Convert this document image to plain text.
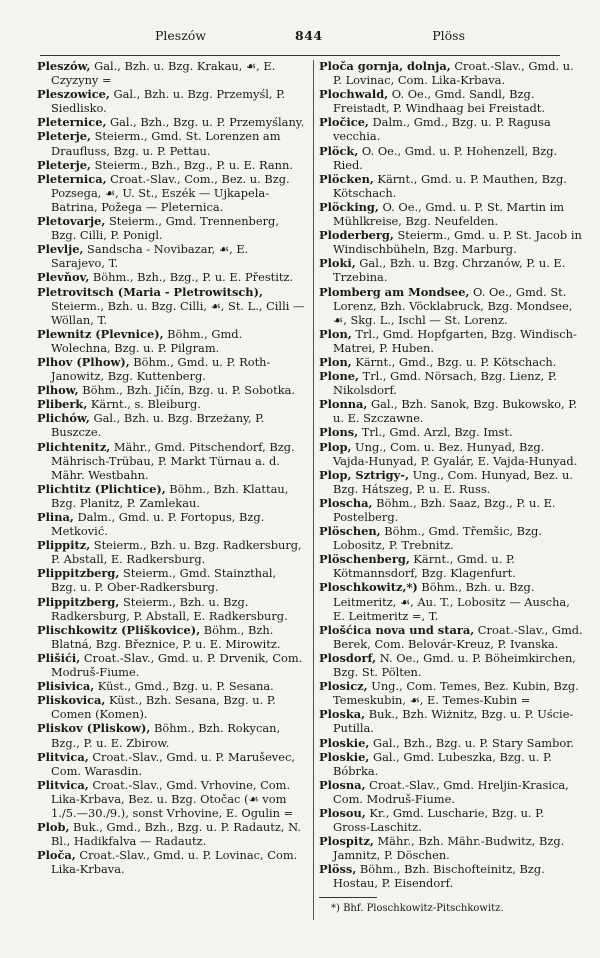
Pleszów	844	Plöss

Pleszów, Gal., Bzh. u. Bzg. Krakau, ☙, E. Czyzyny =

Pleszowice, Gal., Bzh. u. Bzg. Przemyśl, P. Siedlisko.

Pleternice, Gal., Bzh., Bzg. u. P. Przemyślany.

Pleterje, Steierm., Gmd. St. Lorenzen am Draufluss, Bzg. u. P. Pettau.

Pleterje, Steierm., Bzh., Bzg., P. u. E. Rann.

Pleternica, Croat.-Slav., Com., Bez. u. Bzg. Pozsega, ☙, U. St., Eszék — Ujkapela-Batrina, Požega — Pleternica.

Pletovarje, Steierm., Gmd. Trennenberg, Bzg. Cilli, P. Ponigl.

Plevlje, Sandscha - Novibazar, ☙, E. Sarajevo, T.

Plevňov, Böhm., Bzh., Bzg., P. u. E. Přestitz.

Pletrovitsch (Maria - Pletrowitsch), Steierm., Bzh. u. Bzg. Cilli, ☙, St. L., Cilli — Wöllan, T.

Plewnitz (Plevnice), Böhm., Gmd. Wolechna, Bzg. u. P. Pilgram.

Plhov (Plhow), Böhm., Gmd. u. P. Roth-Janowitz, Bzg. Kuttenberg.

Plhow, Böhm., Bzh. Jičín, Bzg. u. P. Sobotka.

Pliberk, Kärnt., s. Bleiburg.

Plichów, Gal., Bzh. u. Bzg. Brzeżany, P. Buszcze.

Plichtenitz, Mähr., Gmd. Pitschendorf, Bzg. Mährisch-Trübau, P. Markt Türnau a. d. Mähr. Westbahn.

Plichtitz (Plichtice), Böhm., Bzh. Klattau, Bzg. Planitz, P. Zamlekau.

Plina, Dalm., Gmd. u. P. Fortopus, Bzg. Metković.

Plippitz, Steierm., Bzh. u. Bzg. Radkersburg, P. Abstall, E. Radkersburg.

Plippitzberg, Steierm., Gmd. Stainzthal, Bzg. u. P. Ober-Radkersburg.

Plippitzberg, Steierm., Bzh. u. Bzg. Radkersburg, P. Abstall, E. Radkersburg.

Plischkowitz (Pliškovice), Böhm., Bzh. Blatná, Bzg. Březnice, P. u. E. Mirowitz.

Plišići, Croat.-Slav., Gmd. u. P. Drvenik, Com. Modruš-Fiume.

Plisivica, Küst., Gmd., Bzg. u. P. Sesana.

Pliskovica, Küst., Bzh. Sesana, Bzg. u. P. Comen (Komen).

Pliskov (Pliskow), Böhm., Bzh. Rokycan, Bzg., P. u. E. Zbirow.

Plitvica, Croat.-Slav., Gmd. u. P. Maruševec, Com. Warasdin.

Plitvica, Croat.-Slav., Gmd. Vrhovine, Com. Lika-Krbava, Bez. u. Bzg. Otočac (☙ vom 1./5.—30./9.), sonst Vrhovine, E. Ogulin =

Plob, Buk., Gmd., Bzh., Bzg. u. P. Radautz, N. Bl., Hadikfalva — Radautz.

Ploča, Croat.-Slav., Gmd. u. P. Lovinac, Com. Lika-Krbava.

Ploča gornja, dolnja, Croat.-Slav., Gmd. u. P. Lovinac, Com. Lika-Krbava.

Plochwald, O. Oe., Gmd. Sandl, Bzg. Freistadt, P. Windhaag bei Freistadt.

Pločice, Dalm., Gmd., Bzg. u. P. Ragusa vecchia.

Plöck, O. Oe., Gmd. u. P. Hohenzell, Bzg. Ried.

Plöcken, Kärnt., Gmd. u. P. Mauthen, Bzg. Kötschach.

Plöcking, O. Oe., Gmd. u. P. St. Martin im Mühlkreise, Bzg. Neufelden.

Ploderberg, Steierm., Gmd. u. P. St. Jacob in Windischbüheln, Bzg. Marburg.

Ploki, Gal., Bzh. u. Bzg. Chrzanów, P. u. E. Trzebina.

Plomberg am Mondsee, O. Oe., Gmd. St. Lorenz, Bzh. Vöcklabruck, Bzg. Mondsee, ☙, Skg. L., Ischl — St. Lorenz.

Plon, Trl., Gmd. Hopfgarten, Bzg. Windisch-Matrei, P. Huben.

Plon, Kärnt., Gmd., Bzg. u. P. Kötschach.

Plone, Trl., Gmd. Nörsach, Bzg. Lienz, P. Nikolsdorf.

Plonna, Gal., Bzh. Sanok, Bzg. Bukowsko, P. u. E. Szczawne.

Plons, Trl., Gmd. Arzl, Bzg. Imst.

Plop, Ung., Com. u. Bez. Hunyad, Bzg. Vajda-Hunyad, P. Gyalár, E. Vajda-Hunyad.

Plop, Sztrigy-, Ung., Com. Hunyad, Bez. u. Bzg. Hátszeg, P. u. E. Russ.

Ploscha, Böhm., Bzh. Saaz, Bzg., P. u. E. Postelberg.

Plöschen, Böhm., Gmd. Třemšic, Bzg. Lobositz, P. Trebnitz.

Plöschenberg, Kärnt., Gmd. u. P. Kötmannsdorf, Bzg. Klagenfurt.

Ploschkowitz,*) Böhm., Bzh. u. Bzg. Leitmeritz, ☙, Au. T., Lobositz — Auscha, E. Leitmeritz =, T.

Plošćica nova und stara, Croat.-Slav., Gmd. Berek, Com. Belovár-Kreuz, P. Ivanska.

Plosdorf, N. Oe., Gmd. u. P. Böheimkirchen, Bzg. St. Pölten.

Plosicz, Ung., Com. Temes, Bez. Kubin, Bzg. Temeskubin, ☙, E. Temes-Kubin =

Ploska, Buk., Bzh. Wiżnitz, Bzg. u. P. Uście-Putilla.

Ploskie, Gal., Bzh., Bzg. u. P. Stary Sambor.

Ploskie, Gal., Gmd. Lubeszka, Bzg. u. P. Bóbrka.

Plosna, Croat.-Slav., Gmd. Hreljin-Krasica, Com. Modruš-Fiume.

Plosou, Kr., Gmd. Luscharie, Bzg. u. P. Gross-Laschitz.

Plospitz, Mähr., Bzh. Mähr.-Budwitz, Bzg. Jamnitz, P. Döschen.

Plöss, Böhm., Bzh. Bischofteinitz, Bzg. Hostau, P. Eisendorf.

*) Bhf. Ploschkowitz-Pitschkowitz.
